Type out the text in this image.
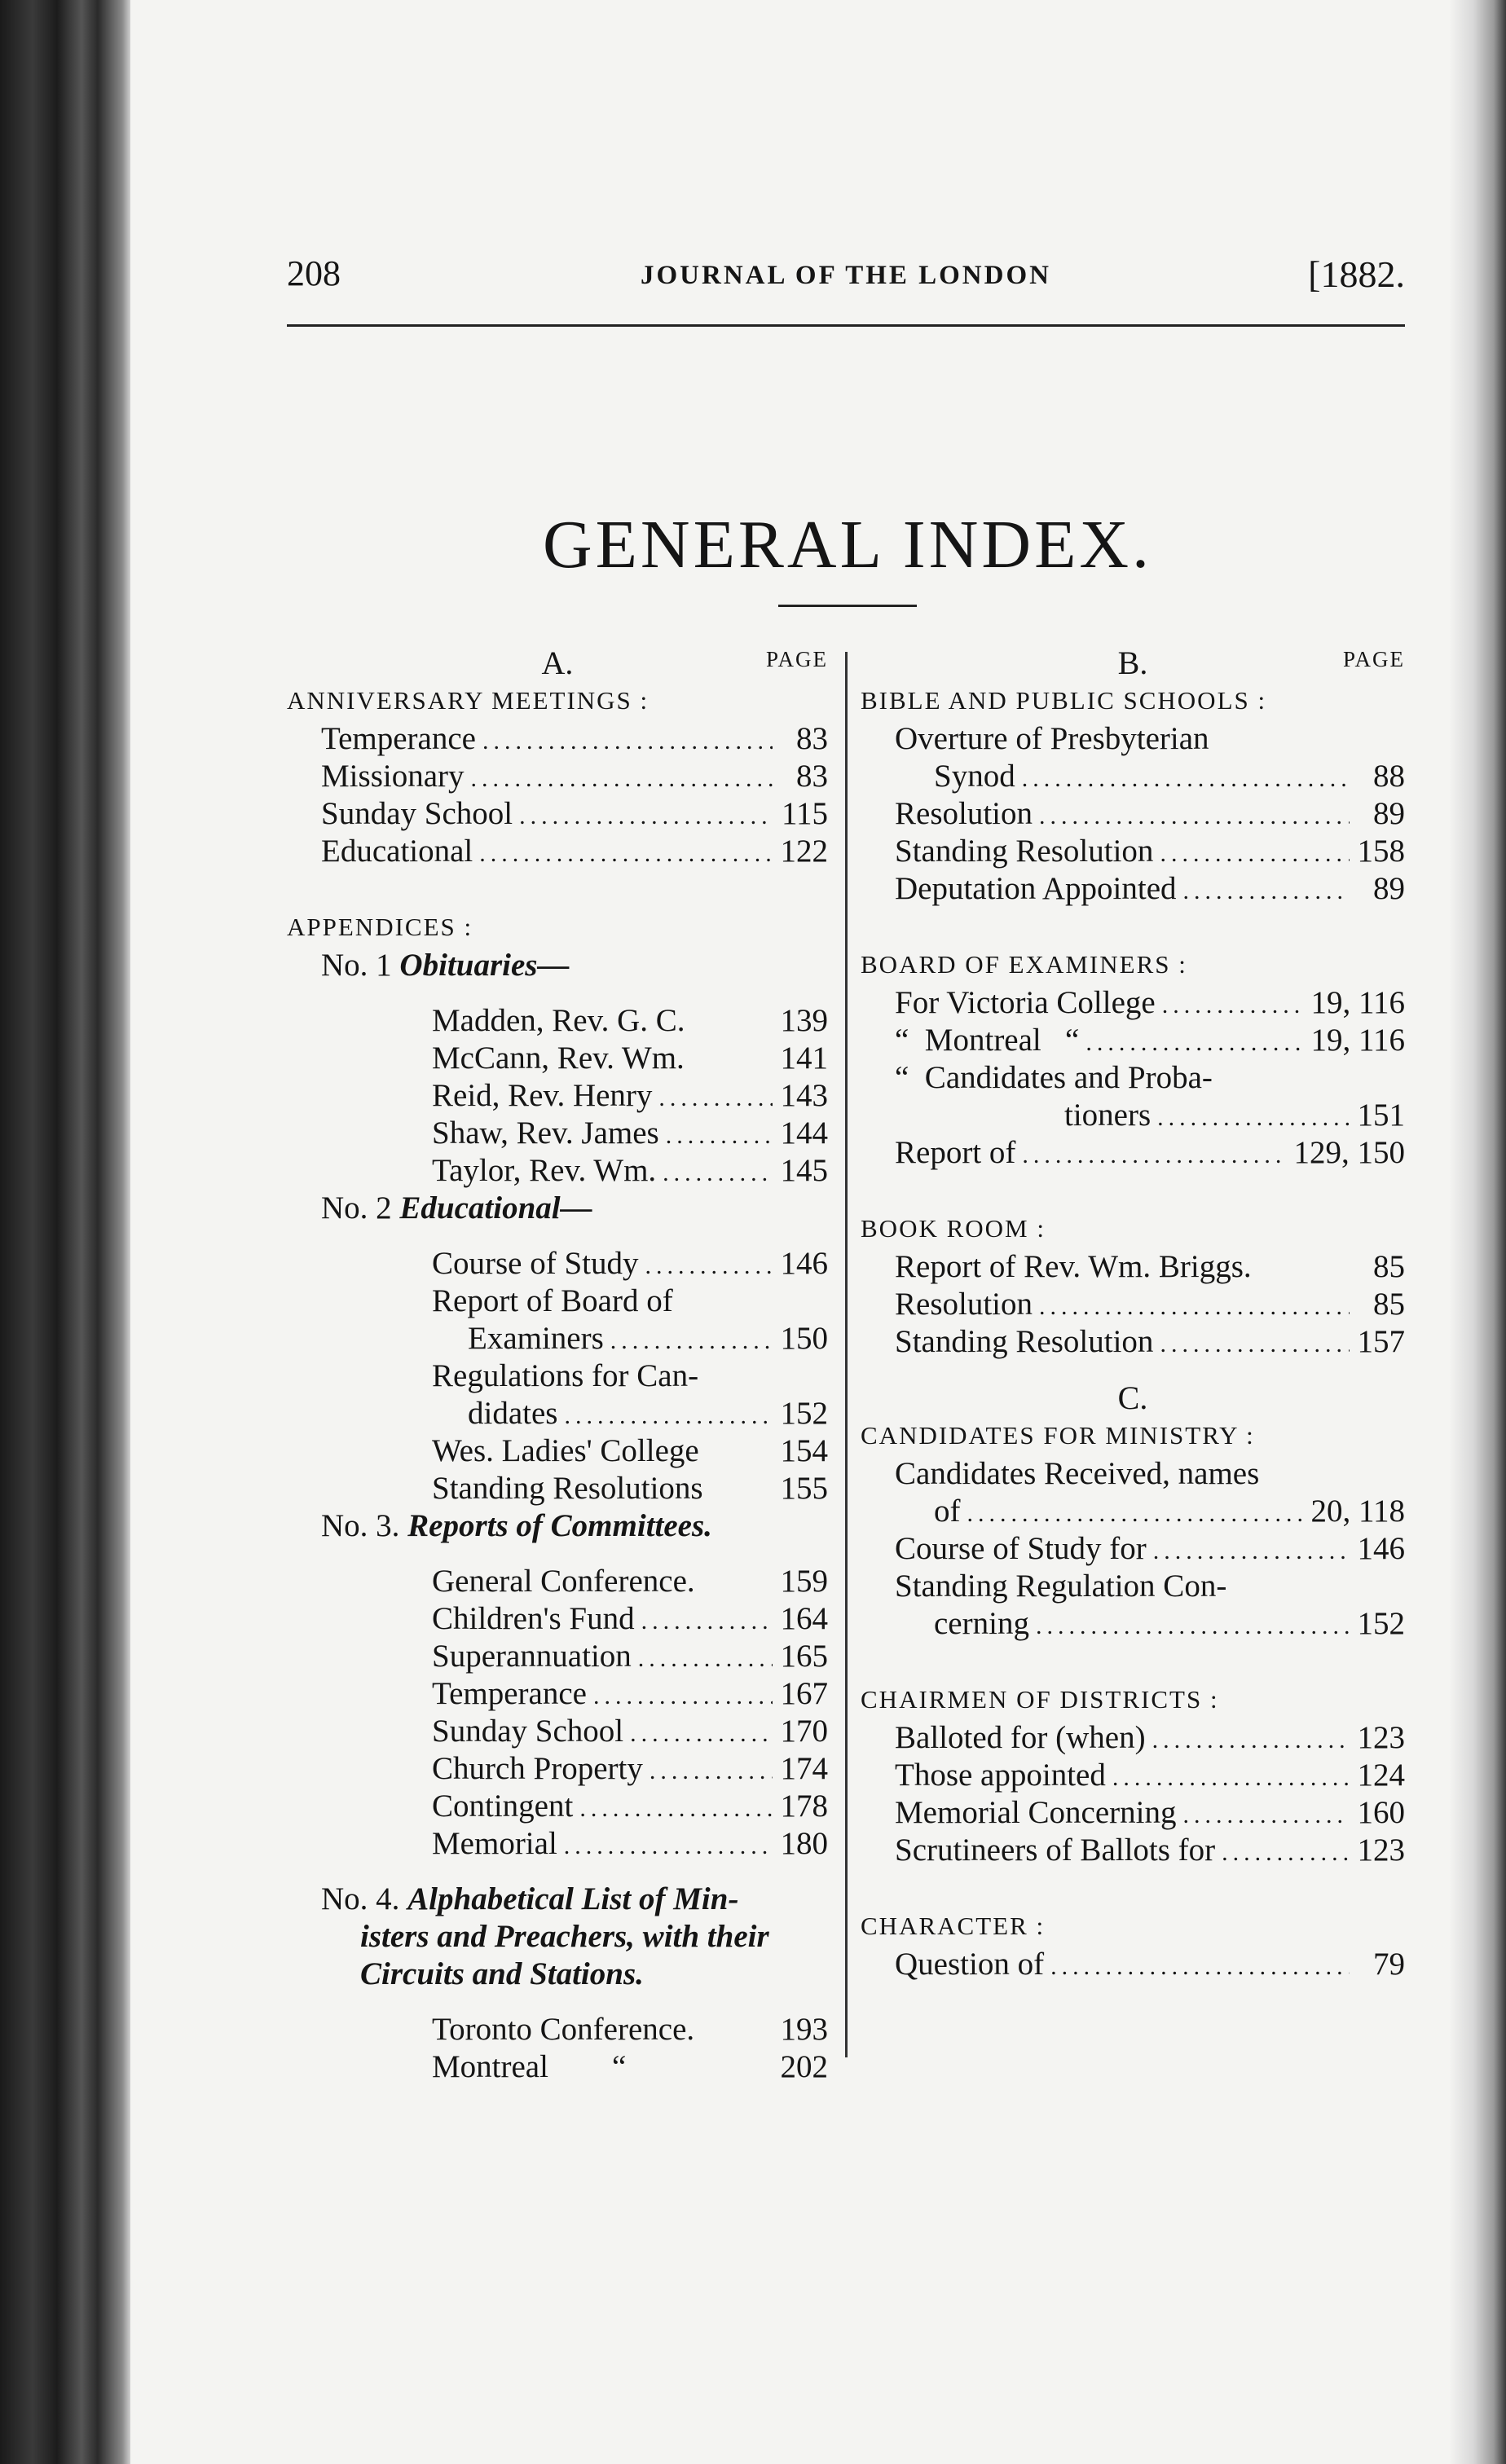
208	JOURNAL OF THE LONDON	[1882.
GENERAL INDEX.
A.	PAGE
ANNIVERSARY MEETINGS :
Temperance .....	83
Missionary .....	83
Sunday School .....	115
Educational .....	122
APPENDICES :
No. 1 Obituaries—
Madden, Rev. G. C.	139
McCann, Rev. Wm.	141
Reid, Rev. Henry .....	143
Shaw, Rev. James .....	144
Taylor, Rev. Wm. .....	145
No. 2 Educational—
Course of Study .....	146
Report of Board of
Examiners .....	150
Regulations for Can-
didates .....	152
Wes. Ladies' College	154
Standing Resolutions 155
No. 3. Reports of Committees.
General Conference.	159
Children's Fund .....	164
Superannuation .....	165
Temperance .....	167
Sunday School .....	170
Church Property .....	174
Contingent .....	178
Memorial .....	180
No. 4. Alphabetical List of Min-
isters and Preachers, with their
Circuits and Stations.
Toronto Conference.	193
Montreal        “	202
B.	PAGE
BIBLE AND PUBLIC SCHOOLS :
Overture of Presbyterian
Synod .....	88
Resolution .....	89
Standing Resolution .....	158
Deputation Appointed .....	89
BOARD OF EXAMINERS :
For Victoria College .....	19, 116
“  Montreal   “ .....	19, 116
“  Candidates and Proba-
tioners .....	151
Report of .....	129, 150
BOOK ROOM :
Report of Rev. Wm. Briggs.	85
Resolution .....	85
Standing Resolution .....	157
C.
CANDIDATES FOR MINISTRY :
Candidates Received, names
of .....	20, 118
Course of Study for .....	146
Standing Regulation Con-
cerning .....	152
CHAIRMEN OF DISTRICTS :
Balloted for (when) .....	123
Those appointed .....	124
Memorial Concerning .....	160
Scrutineers of Ballots for .....	123
CHARACTER :
Question of .....	79
